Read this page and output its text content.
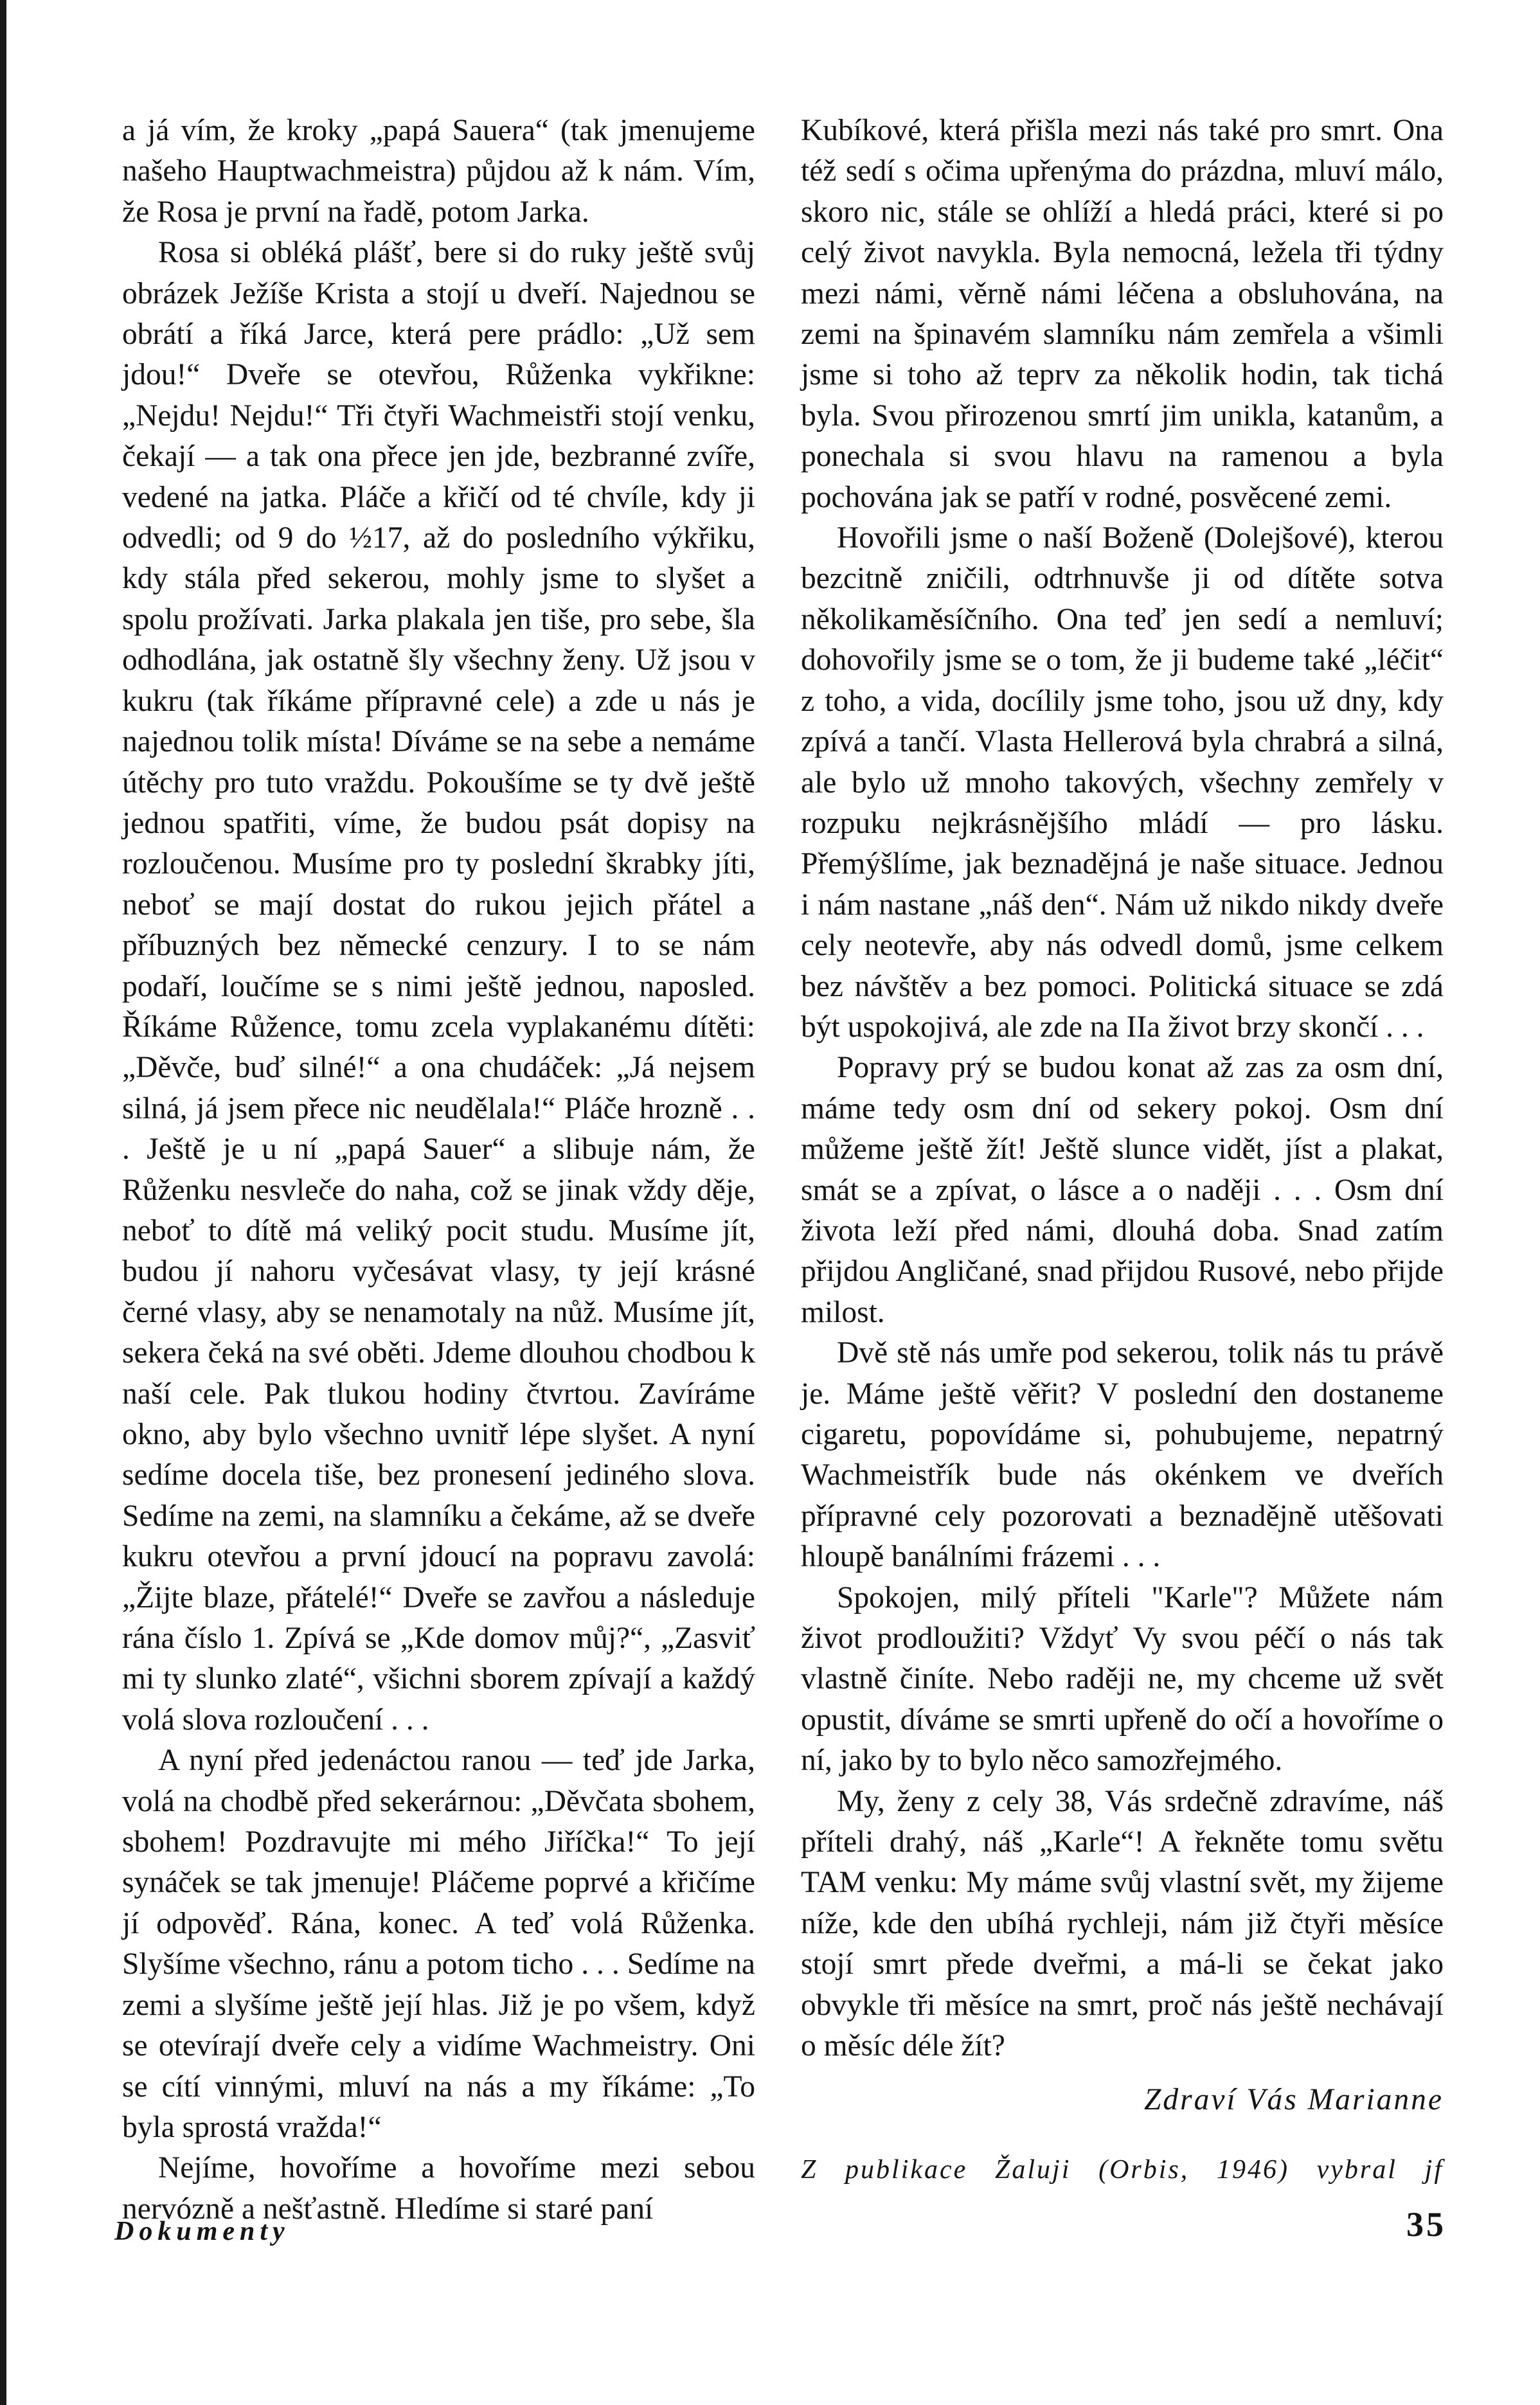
a já vím, že kroky „papá Sauera“ (tak jmenujeme našeho Hauptwachmeistra) půjdou až k nám. Vím, že Rosa je první na řadě, potom Jarka.

Rosa si obléká plášť, bere si do ruky ještě svůj obrázek Ježíše Krista a stojí u dveří. Najednou se obrátí a říká Jarce, která pere prádlo: „Už sem jdou!“ Dveře se otevřou, Růženka vykřikne: „Nejdu! Nejdu!“ Tři čtyři Wachmeistři stojí venku, čekají — a tak ona přece jen jde, bezbranné zvíře, vedené na jatka. Pláče a křičí od té chvíle, kdy ji odvedli; od 9 do ½17, až do posledního výkřiku, kdy stála před sekerou, mohly jsme to slyšet a spolu prožívati. Jarka plakala jen tiše, pro sebe, šla odhodlána, jak ostatně šly všechny ženy. Už jsou v kukru (tak říkáme přípravné cele) a zde u nás je najednou tolik místa! Díváme se na sebe a nemáme útěchy pro tuto vraždu. Pokoušíme se ty dvě ještě jednou spatřiti, víme, že budou psát dopisy na rozloučenou. Musíme pro ty poslední škrabky jíti, neboť se mají dostat do rukou jejich přátel a příbuzných bez německé cenzury. I to se nám podaří, loučíme se s nimi ještě jednou, naposled. Říkáme Růžence, tomu zcela vyplakanému dítěti: „Děvče, buď silné!“ a ona chudáček: „Já nejsem silná, já jsem přece nic neudělala!“ Pláče hrozně . . . Ještě je u ní „papá Sauer“ a slibuje nám, že Růženku nesvleče do naha, což se jinak vždy děje, neboť to dítě má veliký pocit studu. Musíme jít, budou jí nahoru vyčesávat vlasy, ty její krásné černé vlasy, aby se nenamotaly na nůž. Musíme jít, sekera čeká na své oběti. Jdeme dlouhou chodbou k naší cele. Pak tlukou hodiny čtvrtou. Zavíráme okno, aby bylo všechno uvnitř lépe slyšet. A nyní sedíme docela tiše, bez pronesení jediného slova. Sedíme na zemi, na slamníku a čekáme, až se dveře kukru otevřou a první jdoucí na popravu zavolá: „Žijte blaze, přátelé!“ Dveře se zavřou a následuje rána číslo 1. Zpívá se „Kde domov můj?“, „Zasviť mi ty slunko zlaté“, všichni sborem zpívají a každý volá slova rozloučení . . .

A nyní před jedenáctou ranou — teď jde Jarka, volá na chodbě před sekerárnou: „Děvčata sbohem, sbohem! Pozdravujte mi mého Jiříčka!“ To její synáček se tak jmenuje! Pláčeme poprvé a křičíme jí odpověď. Rána, konec. A teď volá Růženka. Slyšíme všechno, ránu a potom ticho . . . Sedíme na zemi a slyšíme ještě její hlas. Již je po všem, když se otevírají dveře cely a vidíme Wachmeistry. Oni se cítí vinnými, mluví na nás a my říkáme: „To byla sprostá vražda!“

Nejíme, hovoříme a hovoříme mezi sebou nervózně a nešťastně. Hledíme si staré paní

Kubíkové, která přišla mezi nás také pro smrt. Ona též sedí s očima upřenýma do prázdna, mluví málo, skoro nic, stále se ohlíží a hledá práci, které si po celý život navykla. Byla nemocná, ležela tři týdny mezi námi, věrně námi léčena a obsluhována, na zemi na špinavém slamníku nám zemřela a všimli jsme si toho až teprv za několik hodin, tak tichá byla. Svou přirozenou smrtí jim unikla, katanům, a ponechala si svou hlavu na ramenou a byla pochována jak se patří v rodné, posvěcené zemi.

Hovořili jsme o naší Boženě (Dolejšové), kterou bezcitně zničili, odtrhnuvše ji od dítěte sotva několikaměsíčního. Ona teď jen sedí a nemluví; dohovořily jsme se o tom, že ji budeme také „léčit“ z toho, a vida, docílily jsme toho, jsou už dny, kdy zpívá a tančí. Vlasta Hellerová byla chrabrá a silná, ale bylo už mnoho takových, všechny zemřely v rozpuku nejkrásnějšího mládí — pro lásku. Přemýšlíme, jak beznadějná je naše situace. Jednou i nám nastane „náš den“. Nám už nikdo nikdy dveře cely neotevře, aby nás odvedl domů, jsme celkem bez návštěv a bez pomoci. Politická situace se zdá být uspokojivá, ale zde na IIa život brzy skončí . . .

Popravy prý se budou konat až zas za osm dní, máme tedy osm dní od sekery pokoj. Osm dní můžeme ještě žít! Ještě slunce vidět, jíst a plakat, smát se a zpívat, o lásce a o naději . . . Osm dní života leží před námi, dlouhá doba. Snad zatím přijdou Angličané, snad přijdou Rusové, nebo přijde milost.

Dvě stě nás umře pod sekerou, tolik nás tu právě je. Máme ještě věřit? V poslední den dostaneme cigaretu, popovídáme si, pohubujeme, nepatrný Wachmeistřík bude nás okénkem ve dveřích přípravné cely pozorovati a beznadějně utěšovati hloupě banálními frázemi . . .

Spokojen, milý příteli "Karle"? Můžete nám život prodloužiti? Vždyť Vy svou péčí o nás tak vlastně činíte. Nebo raději ne, my chceme už svět opustit, díváme se smrti upřeně do očí a hovoříme o ní, jako by to bylo něco samozřejmého.

My, ženy z cely 38, Vás srdečně zdravíme, náš příteli drahý, náš „Karle“! A řekněte tomu světu TAM venku: My máme svůj vlastní svět, my žijeme níže, kde den ubíhá rychleji, nám již čtyři měsíce stojí smrt přede dveřmi, a má-li se čekat jako obvykle tři měsíce na smrt, proč nás ještě nechávají o měsíc déle žít?

Zdraví Vás Marianne

Z publikace Žaluji (Orbis, 1946) vybral jf

Dokumenty	35
